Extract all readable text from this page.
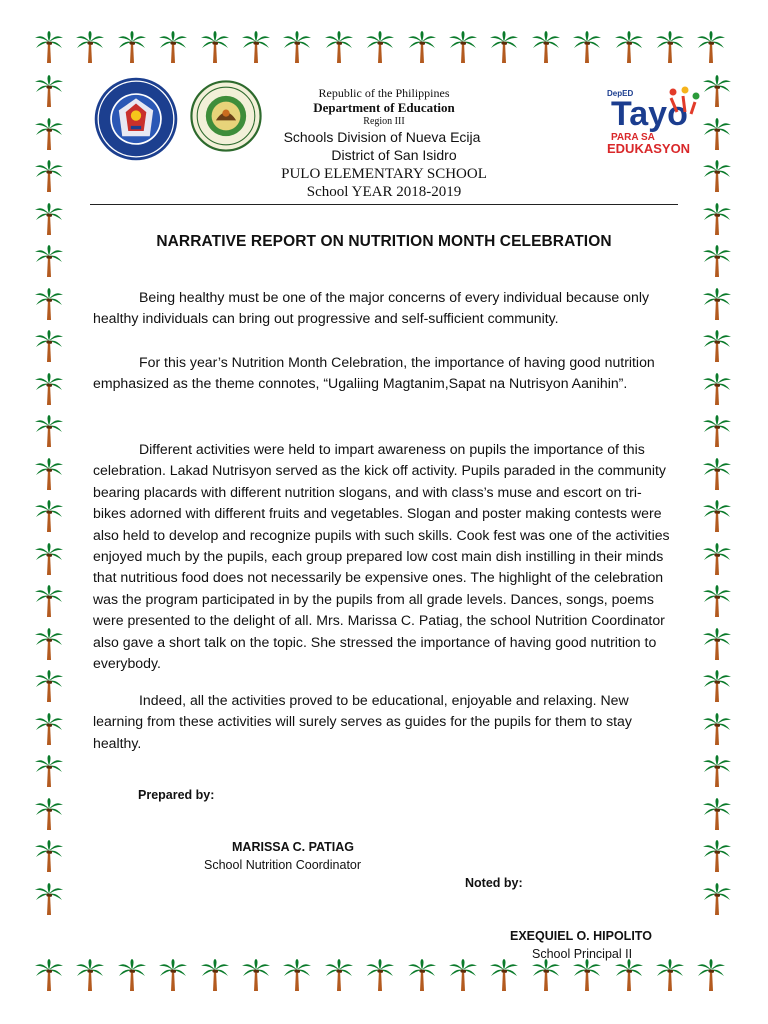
DepED
Tayo
PARA SA
EDUKASYON
Republic of the Philippines
Department of Education
Region III
Schools Division of Nueva Ecija
District of San Isidro
PULO ELEMENTARY SCHOOL
School YEAR 2018-2019
NARRATIVE REPORT ON NUTRITION MONTH CELEBRATION

Being healthy must be one of the major concerns of every individual because only healthy individuals can bring out progressive and self-sufficient community.

For this year’s Nutrition Month Celebration, the importance of having good nutrition emphasized as the theme connotes, “Ugaliing Magtanim,Sapat na Nutrisyon Aanihin”.

Different activities were held to impart awareness on pupils the importance of this celebration. Lakad Nutrisyon served as the kick off activity. Pupils paraded in the community bearing placards with different nutrition slogans, and with class’s muse and escort on tri-bikes adorned with different fruits and vegetables. Slogan and poster making contests were also held to develop and recognize pupils with such skills. Cook fest was one of the activities enjoyed much by the pupils, each group prepared low cost main dish instilling in their minds that nutritious food does not necessarily be expensive ones. The highlight of the celebration was the program participated in by the pupils from all grade levels. Dances, songs, poems were presented to the delight of all. Mrs. Marissa C. Patiag, the school Nutrition Coordinator also gave a short talk on the topic. She stressed the importance of having good nutrition to everybody.

Indeed, all the activities proved to be educational, enjoyable and relaxing. New learning from these activities will surely serves as guides for the pupils for them to stay healthy.

Prepared by:
MARISSA C. PATIAG
School Nutrition Coordinator
Noted by:
EXEQUIEL O. HIPOLITO
School Principal II
